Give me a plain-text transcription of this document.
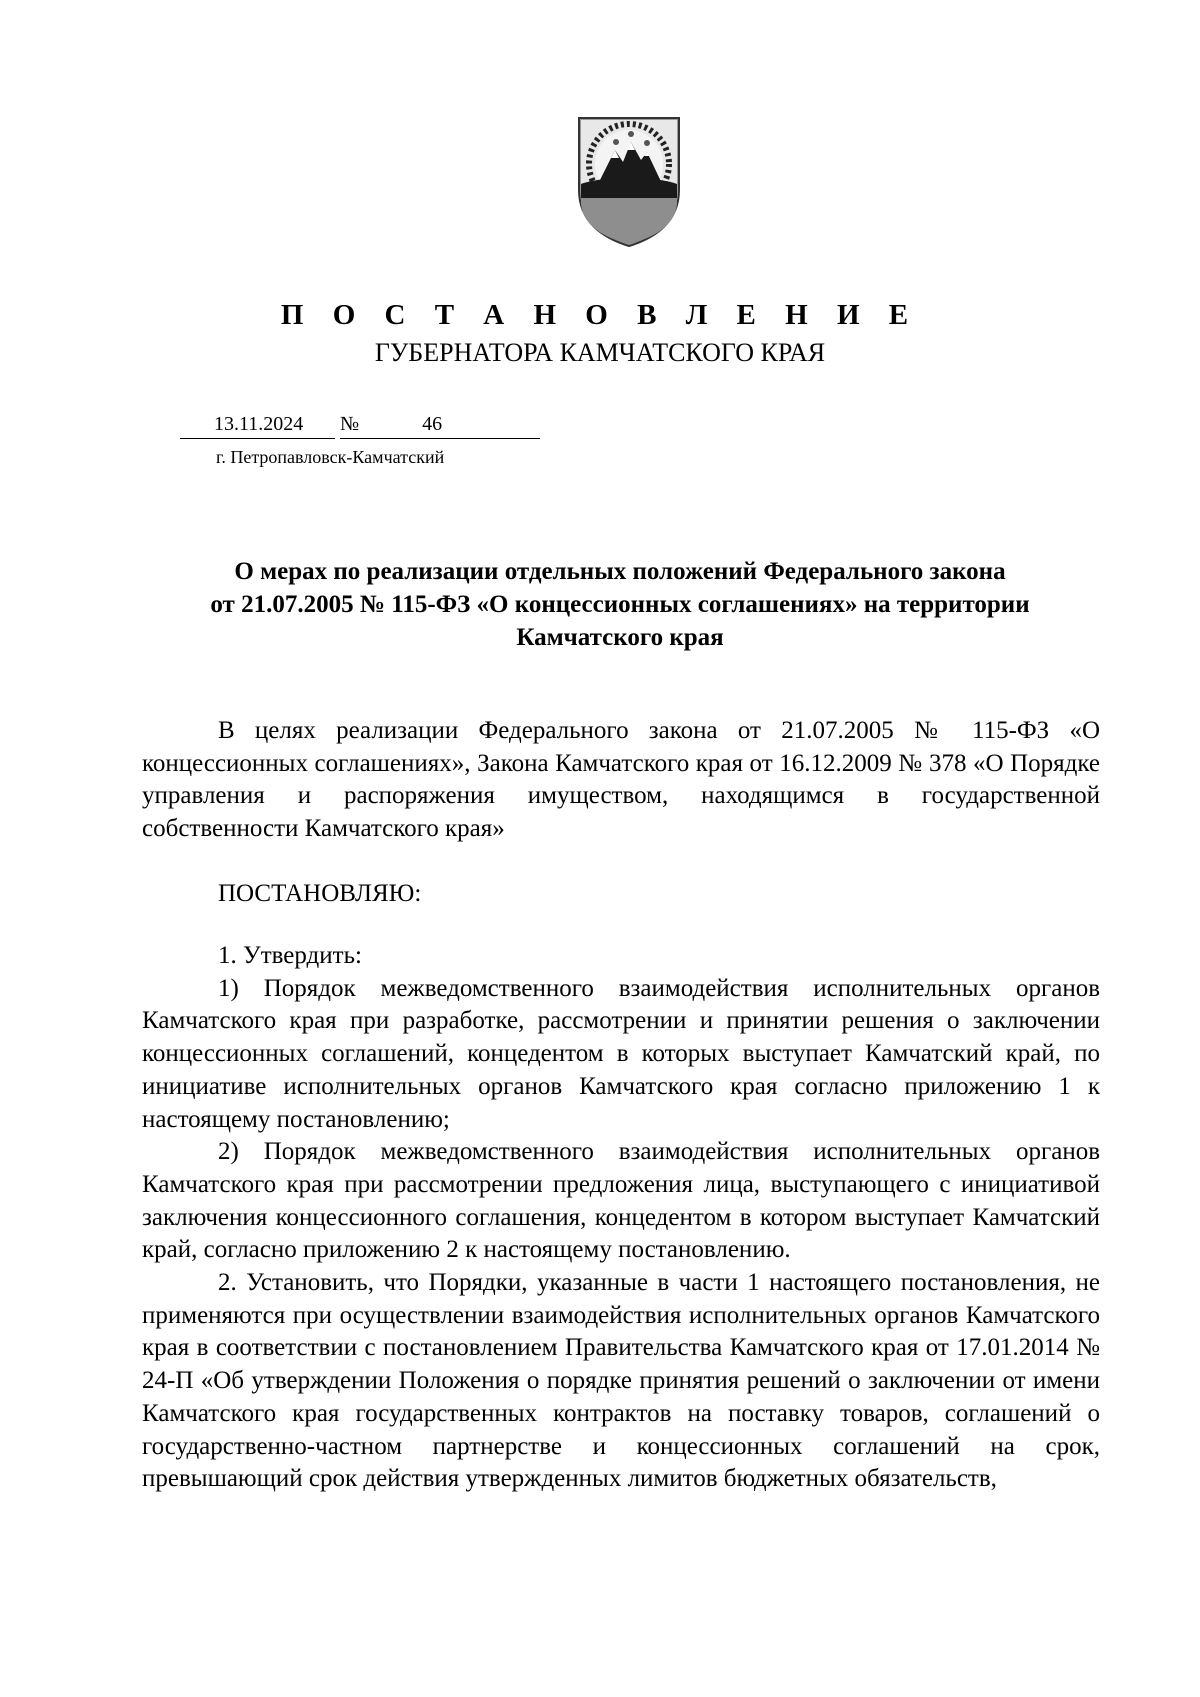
П О С Т А Н О В Л Е Н И Е
ГУБЕРНАТОРА КАМЧАТСКОГО КРАЯ
13.11.2024	№	46
г. Петропавловск-Камчатский
О мерах по реализации отдельных положений Федерального закона
от 21.07.2005 № 115-ФЗ «О концессионных соглашениях» на территории
Камчатского края

В целях реализации Федерального закона от 21.07.2005 № 115-ФЗ «О концессионных соглашениях», Закона Камчатского края от 16.12.2009 № 378 «О Порядке управления и распоряжения имуществом, находящимся в государственной собственности Камчатского края»

ПОСТАНОВЛЯЮ:

1. Утвердить:

1) Порядок межведомственного взаимодействия исполнительных органов Камчатского края при разработке, рассмотрении и принятии решения о заключении концессионных соглашений, концедентом в которых выступает Камчатский край, по инициативе исполнительных органов Камчатского края согласно приложению 1 к настоящему постановлению;

2) Порядок межведомственного взаимодействия исполнительных органов Камчатского края при рассмотрении предложения лица, выступающего с инициативой заключения концессионного соглашения, концедентом в котором выступает Камчатский край, согласно приложению 2 к настоящему постановлению.

2. Установить, что Порядки, указанные в части 1 настоящего постановления, не применяются при осуществлении взаимодействия исполнительных органов Камчатского края в соответствии с постановлением Правительства Камчатского края от 17.01.2014 № 24-П «Об утверждении Положения о порядке принятия решений о заключении от имени Камчатского края государственных контрактов на поставку товаров, соглашений о государственно-частном партнерстве и концессионных соглашений на срок, превышающий срок действия утвержденных лимитов бюджетных обязательств,
